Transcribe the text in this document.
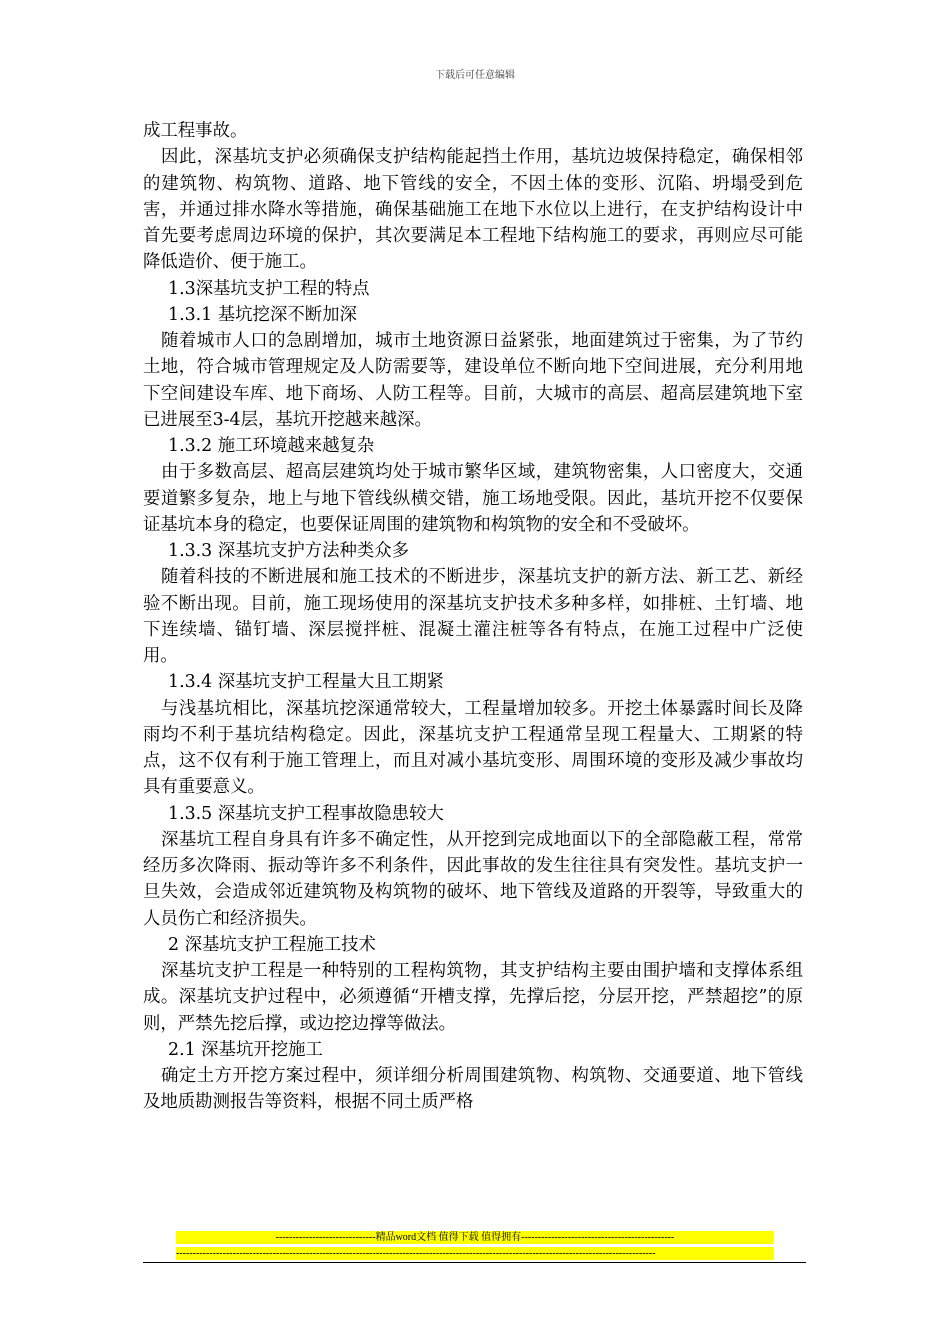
下载后可任意编辑

成工程事故。

因此，深基坑支护必须确保支护结构能起挡土作用，基坑边坡保持稳定，确保相邻的建筑物、构筑物、道路、地下管线的安全，不因土体的变形、沉陷、坍塌受到危害，并通过排水降水等措施，确保基础施工在地下水位以上进行，在支护结构设计中首先要考虑周边环境的保护，其次要满足本工程地下结构施工的要求，再则应尽可能降低造价、便于施工。

1.3深基坑支护工程的特点

1.3.1 基坑挖深不断加深

随着城市人口的急剧增加，城市土地资源日益紧张，地面建筑过于密集，为了节约土地，符合城市管理规定及人防需要等，建设单位不断向地下空间进展，充分利用地下空间建设车库、地下商场、人防工程等。目前，大城市的高层、超高层建筑地下室已进展至3-4层，基坑开挖越来越深。

1.3.2 施工环境越来越复杂

由于多数高层、超高层建筑均处于城市繁华区域，建筑物密集，人口密度大，交通要道繁多复杂，地上与地下管线纵横交错，施工场地受限。因此，基坑开挖不仅要保证基坑本身的稳定，也要保证周围的建筑物和构筑物的安全和不受破坏。

1.3.3 深基坑支护方法种类众多

随着科技的不断进展和施工技术的不断进步，深基坑支护的新方法、新工艺、新经验不断出现。目前，施工现场使用的深基坑支护技术多种多样，如排桩、土钉墙、地下连续墙、锚钉墙、深层搅拌桩、混凝土灌注桩等各有特点，在施工过程中广泛使用。

1.3.4 深基坑支护工程量大且工期紧

与浅基坑相比，深基坑挖深通常较大，工程量增加较多。开挖土体暴露时间长及降雨均不利于基坑结构稳定。因此，深基坑支护工程通常呈现工程量大、工期紧的特点，这不仅有利于施工管理上，而且对减小基坑变形、周围环境的变形及减少事故均具有重要意义。

1.3.5 深基坑支护工程事故隐患较大

深基坑工程自身具有许多不确定性，从开挖到完成地面以下的全部隐蔽工程，常常经历多次降雨、振动等许多不利条件，因此事故的发生往往具有突发性。基坑支护一旦失效，会造成邻近建筑物及构筑物的破坏、地下管线及道路的开裂等，导致重大的人员伤亡和经济损失。

2 深基坑支护工程施工技术

深基坑支护工程是一种特别的工程构筑物，其支护结构主要由围护墙和支撑体系组成。深基坑支护过程中，必须遵循“开槽支撑，先撑后挖，分层开挖，严禁超挖”的原则，严禁先挖后撑，或边挖边撑等做法。

2.1 深基坑开挖施工

确定土方开挖方案过程中，须详细分析周围建筑物、构筑物、交通要道、地下管线及地质勘测报告等资料，根据不同土质严格

------------------------------精品word文档 值得下载 值得拥有----------------------------------------------
------------------------------------------------------------------------------------------------------------------------------------------------
